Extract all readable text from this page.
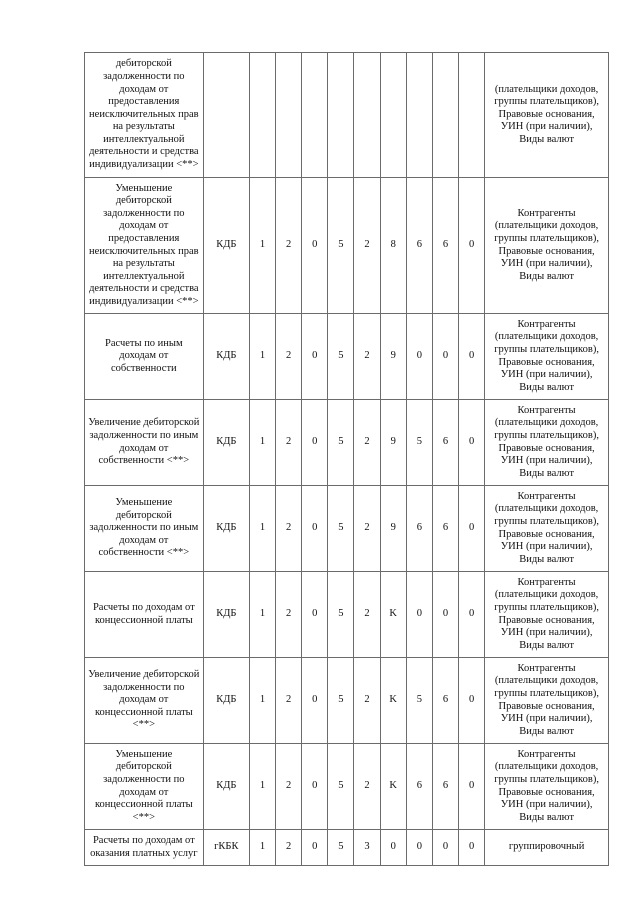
дебиторской задолженности по доходам от предоставления неисключительных прав на результаты интеллектуальной деятельности и средства индивидуализации <**>											(плательщики доходов, группы плательщиков), Правовые основания, УИН (при наличии), Виды валют
Уменьшение дебиторской задолженности по доходам от предоставления неисключительных прав на результаты интеллектуальной деятельности и средства индивидуализации <**>	КДБ	1	2	0	5	2	8	6	6	0	Контрагенты (плательщики доходов, группы плательщиков), Правовые основания, УИН (при наличии), Виды валют
Расчеты по иным доходам от собственности	КДБ	1	2	0	5	2	9	0	0	0	Контрагенты (плательщики доходов, группы плательщиков), Правовые основания, УИН (при наличии), Виды валют
Увеличение дебиторской задолженности по иным доходам от собственности <**>	КДБ	1	2	0	5	2	9	5	6	0	Контрагенты (плательщики доходов, группы плательщиков), Правовые основания, УИН (при наличии), Виды валют
Уменьшение дебиторской задолженности по иным доходам от собственности <**>	КДБ	1	2	0	5	2	9	6	6	0	Контрагенты (плательщики доходов, группы плательщиков), Правовые основания, УИН (при наличии), Виды валют
Расчеты по доходам от концессионной платы	КДБ	1	2	0	5	2	K	0	0	0	Контрагенты (плательщики доходов, группы плательщиков), Правовые основания, УИН (при наличии), Виды валют
Увеличение дебиторской задолженности по доходам от концессионной платы <**>	КДБ	1	2	0	5	2	K	5	6	0	Контрагенты (плательщики доходов, группы плательщиков), Правовые основания, УИН (при наличии), Виды валют
Уменьшение дебиторской задолженности по доходам от концессионной платы <**>	КДБ	1	2	0	5	2	K	6	6	0	Контрагенты (плательщики доходов, группы плательщиков), Правовые основания, УИН (при наличии), Виды валют
Расчеты по доходам от оказания платных услуг	гКБК	1	2	0	5	3	0	0	0	0	группировочный
